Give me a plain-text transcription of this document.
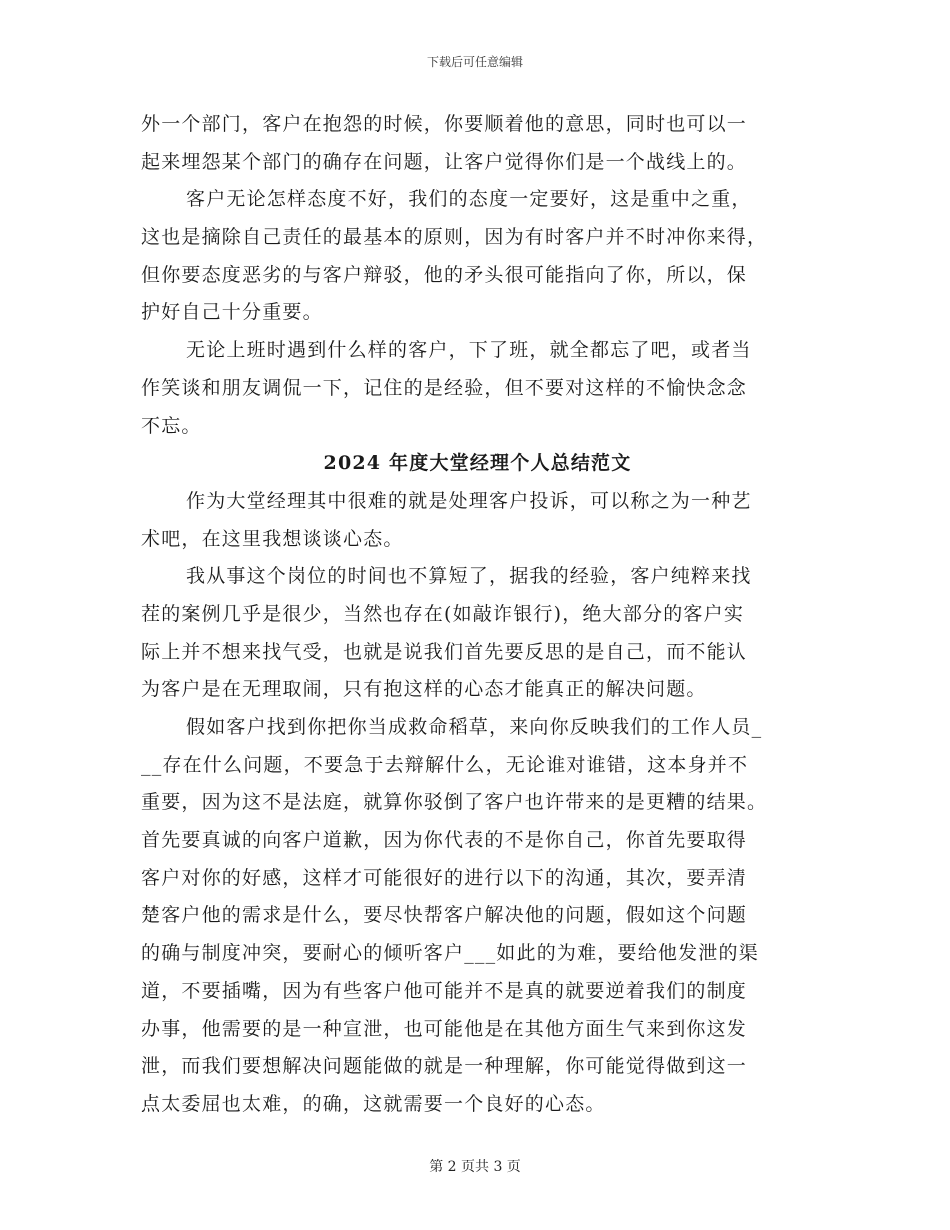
下载后可任意编辑

外一个部门，客户在抱怨的时候，你要顺着他的意思，同时也可以一
起来埋怨某个部门的确存在问题，让客户觉得你们是一个战线上的。

客户无论怎样态度不好，我们的态度一定要好，这是重中之重，
这也是摘除自己责任的最基本的原则，因为有时客户并不时冲你来得，
但你要态度恶劣的与客户辩驳，他的矛头很可能指向了你，所以，保
护好自己十分重要。

无论上班时遇到什么样的客户，下了班，就全都忘了吧，或者当
作笑谈和朋友调侃一下，记住的是经验，但不要对这样的不愉快念念
不忘。

2024 年度大堂经理个人总结范文

作为大堂经理其中很难的就是处理客户投诉，可以称之为一种艺
术吧，在这里我想谈谈心态。

我从事这个岗位的时间也不算短了，据我的经验，客户纯粹来找
茬的案例几乎是很少，当然也存在(如敲诈银行)，绝大部分的客户实
际上并不想来找气受，也就是说我们首先要反思的是自己，而不能认
为客户是在无理取闹，只有抱这样的心态才能真正的解决问题。

假如客户找到你把你当成救命稻草，来向你反映我们的工作人员_
__存在什么问题，不要急于去辩解什么，无论谁对谁错，这本身并不
重要，因为这不是法庭，就算你驳倒了客户也许带来的是更糟的结果。
首先要真诚的向客户道歉，因为你代表的不是你自己，你首先要取得
客户对你的好感，这样才可能很好的进行以下的沟通，其次，要弄清
楚客户他的需求是什么，要尽快帮客户解决他的问题，假如这个问题
的确与制度冲突，要耐心的倾听客户___如此的为难，要给他发泄的渠
道，不要插嘴，因为有些客户他可能并不是真的就要逆着我们的制度
办事，他需要的是一种宣泄，也可能他是在其他方面生气来到你这发
泄，而我们要想解决问题能做的就是一种理解，你可能觉得做到这一
点太委屈也太难，的确，这就需要一个良好的心态。

第 2 页共 3 页
